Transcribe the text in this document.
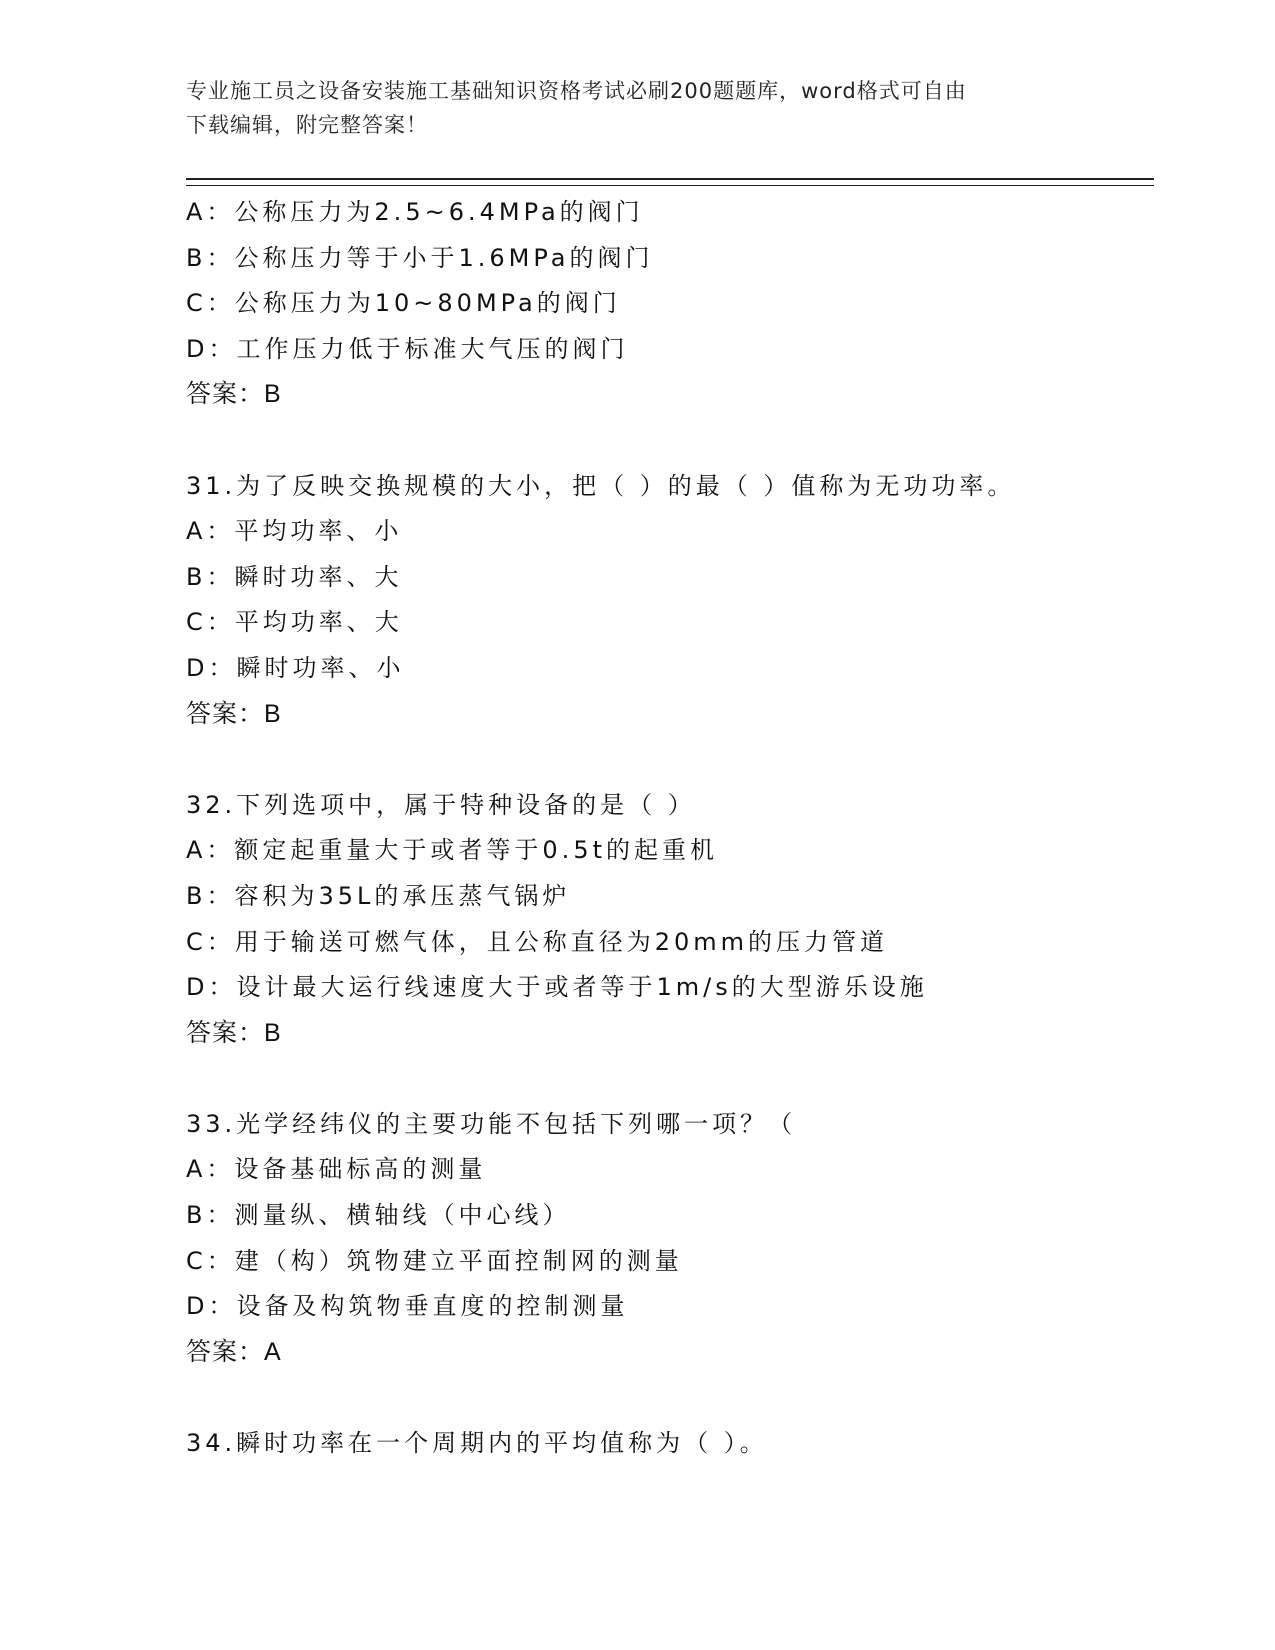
专业施工员之设备安装施工基础知识资格考试必刷200题题库，word格式可自由
下载编辑，附完整答案！
A：公称压力为2.5~6.4MPa的阀门
B：公称压力等于小于1.6MPa的阀门
C：公称压力为10~80MPa的阀门
D：工作压力低于标准大气压的阀门
答案：B
31.为了反映交换规模的大小，把（ ）的最（ ）值称为无功功率。
A：平均功率、小
B：瞬时功率、大
C：平均功率、大
D：瞬时功率、小
答案：B
32.下列选项中，属于特种设备的是（ ）
A：额定起重量大于或者等于0.5t的起重机
B：容积为35L的承压蒸气锅炉
C：用于输送可燃气体，且公称直径为20mm的压力管道
D：设计最大运行线速度大于或者等于1m/s的大型游乐设施
答案：B
33.光学经纬仪的主要功能不包括下列哪一项？（
A：设备基础标高的测量
B：测量纵、横轴线（中心线）
C：建（构）筑物建立平面控制网的测量
D：设备及构筑物垂直度的控制测量
答案：A
34.瞬时功率在一个周期内的平均值称为（ ）。
